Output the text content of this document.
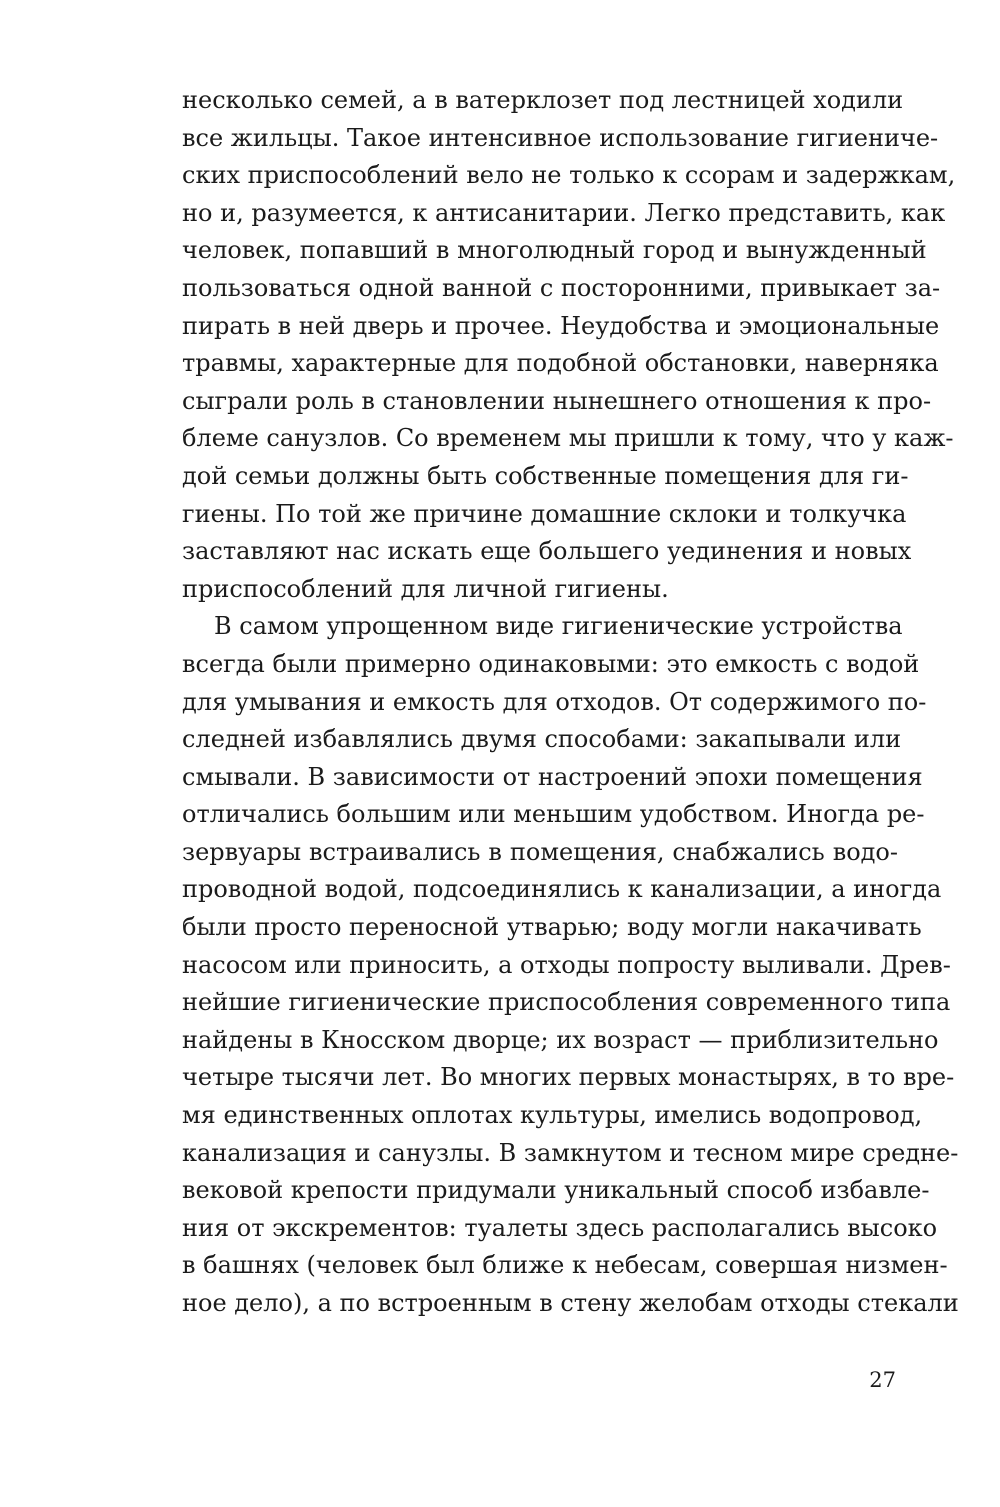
несколько семей, а в ватерклозет под лестницей ходили
все жильцы. Такое интенсивное использование гигиениче-
ских приспособлений вело не только к ссорам и задержкам,
но и, разумеется, к антисанитарии. Легко представить, как
человек, попавший в многолюдный город и вынужденный
пользоваться одной ванной с посторонними, привыкает за-
пирать в ней дверь и прочее. Неудобства и эмоциональные
травмы, характерные для подобной обстановки, наверняка
сыграли роль в становлении нынешнего отношения к про-
блеме санузлов. Со временем мы пришли к тому, что у каж-
дой семьи должны быть собственные помещения для ги-
гиены. По той же причине домашние склоки и толкучка
заставляют нас искать еще большего уединения и новых
приспособлений для личной гигиены.
В самом упрощенном виде гигиенические устройства
всегда были примерно одинаковыми: это емкость с водой
для умывания и емкость для отходов. От содержимого по-
следней избавлялись двумя способами: закапывали или
смывали. В зависимости от настроений эпохи помещения
отличались большим или меньшим удобством. Иногда ре-
зервуары встраивались в помещения, снабжались водо-
проводной водой, подсоединялись к канализации, а иногда
были просто переносной утварью; воду могли накачивать
насосом или приносить, а отходы попросту выливали. Древ-
нейшие гигиенические приспособления современного типа
найдены в Кносском дворце; их возраст — приблизительно
четыре тысячи лет. Во многих первых монастырях, в то вре-
мя единственных оплотах культуры, имелись водопровод,
канализация и санузлы. В замкнутом и тесном мире средне-
вековой крепости придумали уникальный способ избавле-
ния от экскрементов: туалеты здесь располагались высоко
в башнях (человек был ближе к небесам, совершая низмен-
ное дело), а по встроенным в стену желобам отходы стекали
27
